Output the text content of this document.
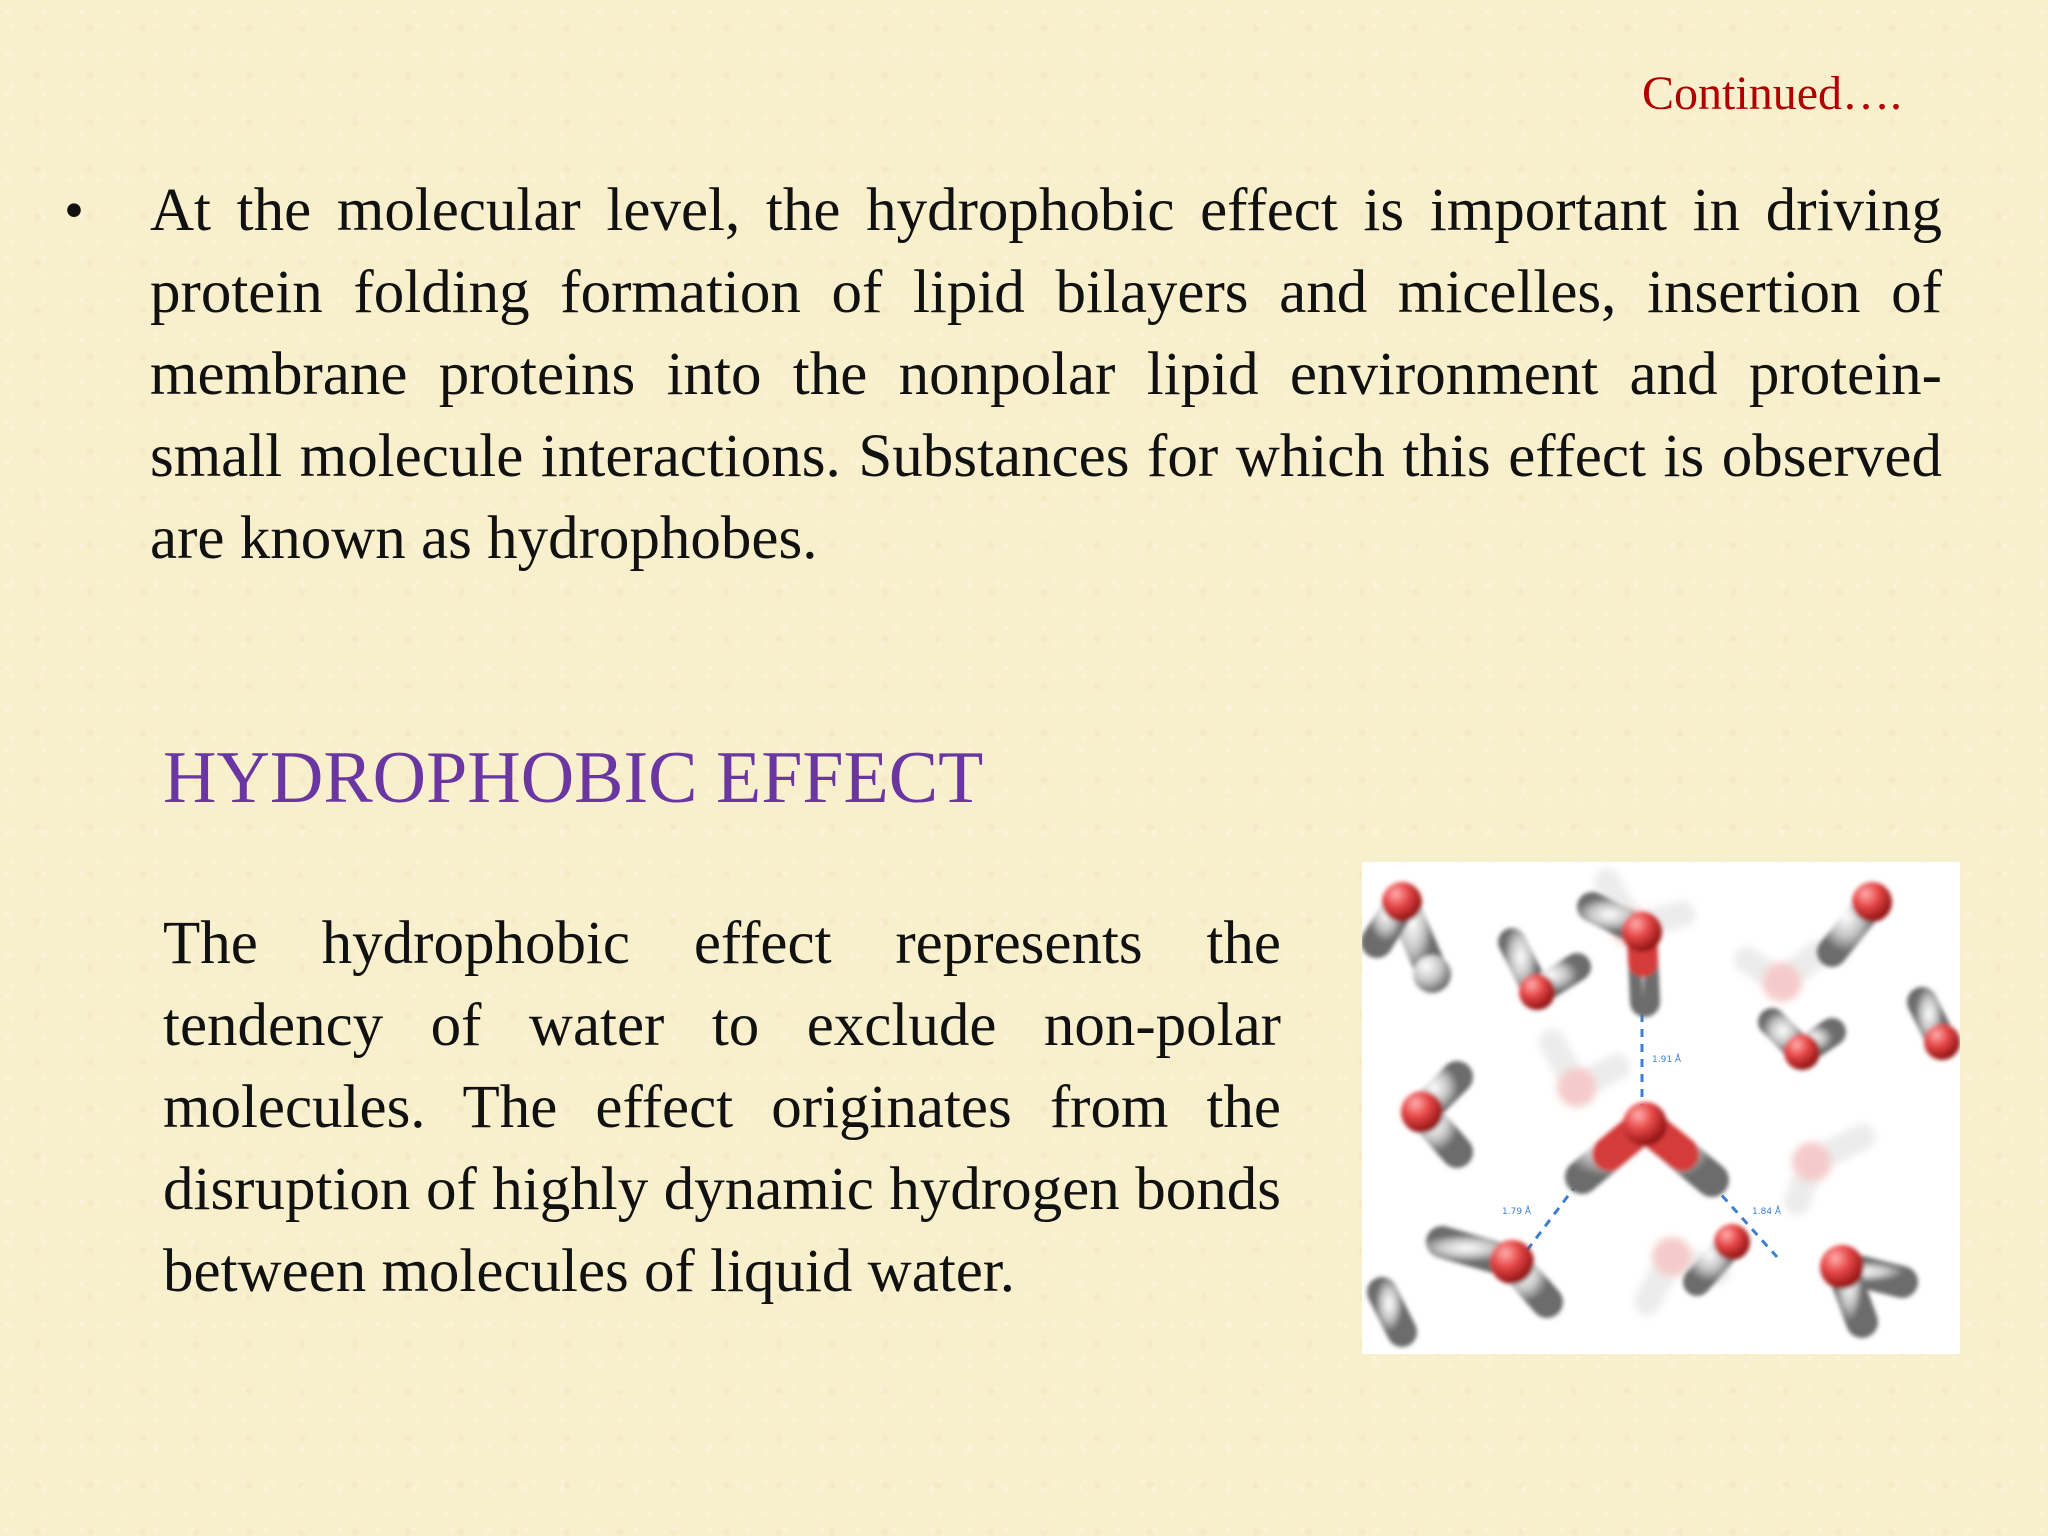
Continued….
• At the molecular level, the hydrophobic effect is important in driving protein folding formation of lipid bilayers and micelles, insertion of membrane proteins into the nonpolar lipid environment and protein-small molecule interactions. Substances for which this effect is observed are known as hydrophobes.
HYDROPHOBIC EFFECT
The hydrophobic effect represents the tendency of water to exclude non-polar molecules. The effect originates from the disruption of highly dynamic hydrogen bonds between molecules of liquid water.
1.91 Å
1.79 Å	1.84 Å
